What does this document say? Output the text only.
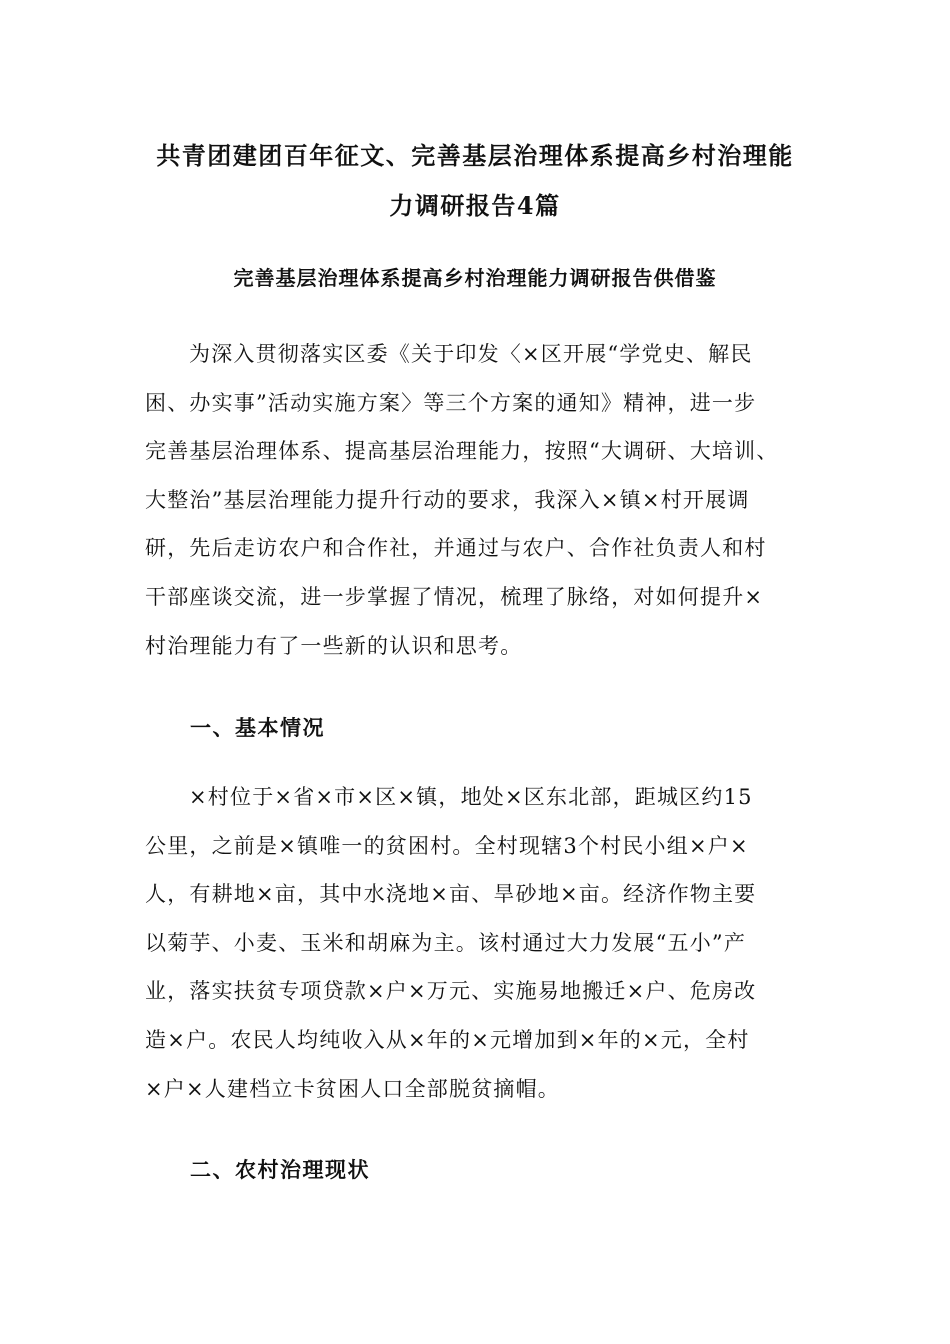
共青团建团百年征文、完善基层治理体系提高乡村治理能
力调研报告4篇
完善基层治理体系提高乡村治理能力调研报告供借鉴
为深入贯彻落实区委《关于印发〈×区开展“学党史、解民
困、办实事”活动实施方案〉等三个方案的通知》精神，进一步
完善基层治理体系、提高基层治理能力，按照“大调研、大培训、
大整治”基层治理能力提升行动的要求，我深入×镇×村开展调
研，先后走访农户和合作社，并通过与农户、合作社负责人和村
干部座谈交流，进一步掌握了情况，梳理了脉络，对如何提升×
村治理能力有了一些新的认识和思考。
一、基本情况
×村位于×省×市×区×镇，地处×区东北部，距城区约15
公里，之前是×镇唯一的贫困村。全村现辖3个村民小组×户×
人，有耕地×亩，其中水浇地×亩、旱砂地×亩。经济作物主要
以菊芋、小麦、玉米和胡麻为主。该村通过大力发展“五小”产
业，落实扶贫专项贷款×户×万元、实施易地搬迁×户、危房改
造×户。农民人均纯收入从×年的×元增加到×年的×元，全村
×户×人建档立卡贫困人口全部脱贫摘帽。
二、农村治理现状
